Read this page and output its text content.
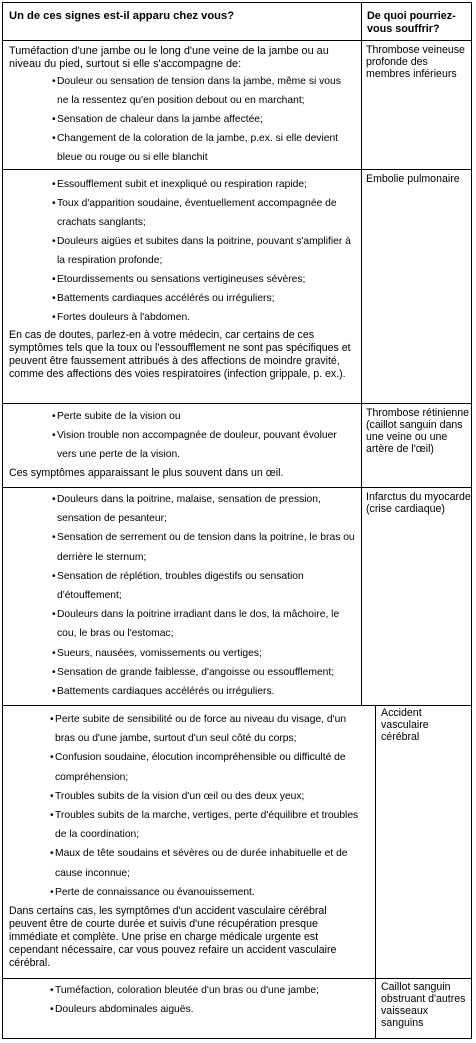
Un de ces signes est-il apparu chez vous?	De quoi pourriez-vous souffrir?

Tuméfaction d'une jambe ou le long d'une veine de la jambe ou au niveau du pied, surtout si elle s'accompagne de:

• Douleur ou sensation de tension dans la jambe, même si vous ne la ressentez qu'en position debout ou en marchant;
• Sensation de chaleur dans la jambe affectée;
• Changement de la coloration de la jambe, p.ex. si elle devient bleue ou rouge ou si elle blanchit
Thrombose veineuse profonde des membres inférieurs
• Essoufflement subit et inexpliqué ou respiration rapide;
• Toux d'apparition soudaine, éventuellement accompagnée de crachats sanglants;
• Douleurs aigües et subites dans la poitrine, pouvant s'amplifier à la respiration profonde;
• Etourdissements ou sensations vertigineuses sévères;
• Battements cardiaques accélérés ou irréguliers;
• Fortes douleurs à l'abdomen.

En cas de doutes, parlez-en à votre médecin, car certains de ces symptômes tels que la toux ou l'essoufflement ne sont pas spécifiques et peuvent être faussement attribués à des affections de moindre gravité, comme des affections des voies respiratoires (infection grippale, p. ex.).

Embolie pulmonaire
• Perte subite de la vision ou
• Vision trouble non accompagnée de douleur, pouvant évoluer vers une perte de la vision.

Ces symptômes apparaissant le plus souvent dans un œil.

Thrombose rétinienne (caillot sanguin dans une veine ou une artère de l'œil)
• Douleurs dans la poitrine, malaise, sensation de pression, sensation de pesanteur;
• Sensation de serrement ou de tension dans la poitrine, le bras ou derrière le sternum;
• Sensation de réplétion, troubles digestifs ou sensation d'étouffement;
• Douleurs dans la poitrine irradiant dans le dos, la mâchoire, le cou, le bras ou l'estomac;
• Sueurs, nausées, vomissements ou vertiges;
• Sensation de grande faiblesse, d'angoisse ou essoufflement;
• Battements cardiaques accélérés ou irréguliers.
Infarctus du myocarde (crise cardiaque)
• Perte subite de sensibilité ou de force au niveau du visage, d'un bras ou d'une jambe, surtout d'un seul côté du corps;
• Confusion soudaine, élocution incompréhensible ou difficulté de compréhension;
• Troubles subits de la vision d'un œil ou des deux yeux;
• Troubles subits de la marche, vertiges, perte d'équilibre et troubles de la coordination;
• Maux de tête soudains et sévères ou de durée inhabituelle et de cause inconnue;
• Perte de connaissance ou évanouissement.

Dans certains cas, les symptômes d'un accident vasculaire cérébral peuvent être de courte durée et suivis d'une récupération presque immédiate et complète. Une prise en charge médicale urgente est cependant nécessaire, car vous pouvez refaire un accident vasculaire cérébral.

Accident vasculaire cérébral
• Tuméfaction, coloration bleutée d'un bras ou d'une jambe;
• Douleurs abdominales aiguës.
Caillot sanguin obstruant d'autres vaisseaux sanguins
